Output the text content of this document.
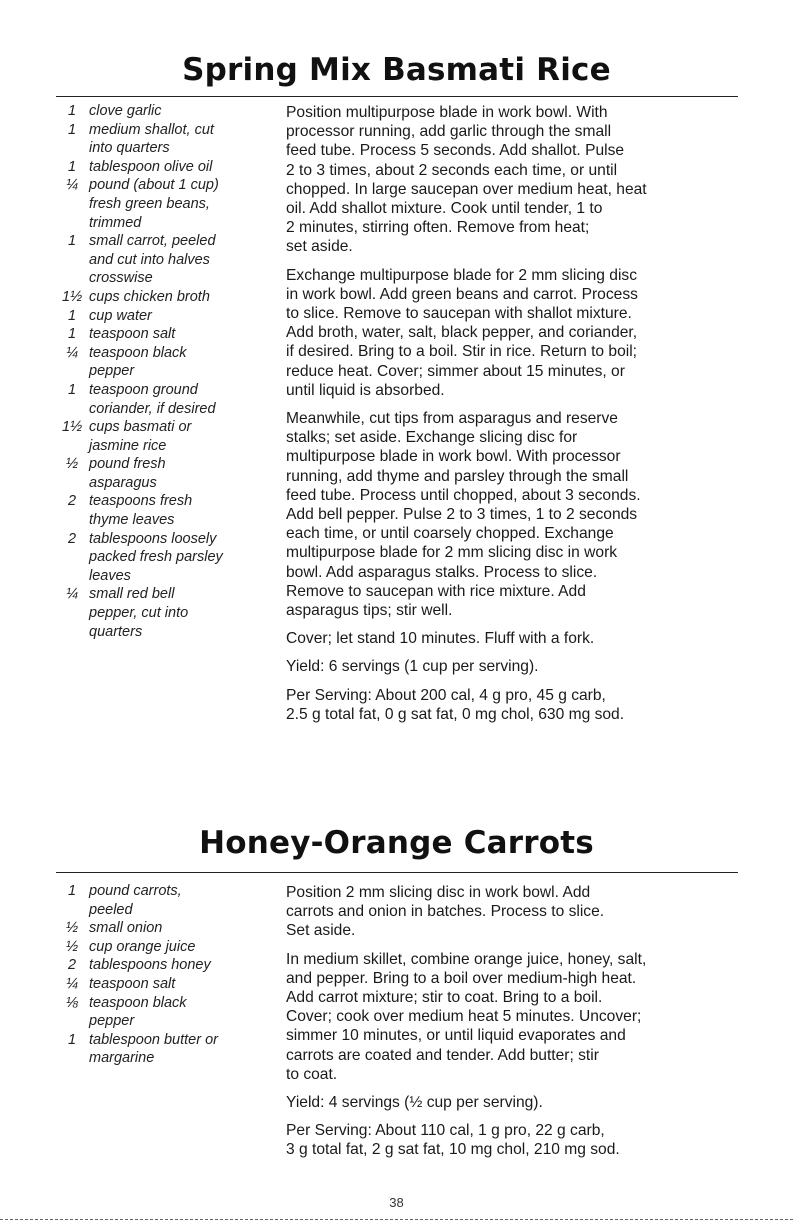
Spring Mix Basmati Rice
1 clove garlic
1 medium shallot, cut
into quarters
1 tablespoon olive oil
¼ pound (about 1 cup)
fresh green beans,
trimmed
1 small carrot, peeled
and cut into halves
crosswise
1½ cups chicken broth
1 cup water
1 teaspoon salt
¼ teaspoon black
pepper
1 teaspoon ground
coriander, if desired
1½ cups basmati or
jasmine rice
½ pound fresh
asparagus
2 teaspoons fresh
thyme leaves
2 tablespoons loosely
packed fresh parsley
leaves
¼ small red bell
pepper, cut into
quarters

Position multipurpose blade in work bowl. With
processor running, add garlic through the small
feed tube. Process 5 seconds. Add shallot. Pulse
2 to 3 times, about 2 seconds each time, or until
chopped. In large saucepan over medium heat, heat
oil. Add shallot mixture. Cook until tender, 1 to
2 minutes, stirring often. Remove from heat;
set aside.

Exchange multipurpose blade for 2 mm slicing disc
in work bowl. Add green beans and carrot. Process
to slice. Remove to saucepan with shallot mixture.
Add broth, water, salt, black pepper, and coriander,
if desired. Bring to a boil. Stir in rice. Return to boil;
reduce heat. Cover; simmer about 15 minutes, or
until liquid is absorbed.

Meanwhile, cut tips from asparagus and reserve
stalks; set aside. Exchange slicing disc for
multipurpose blade in work bowl. With processor
running, add thyme and parsley through the small
feed tube. Process until chopped, about 3 seconds.
Add bell pepper. Pulse 2 to 3 times, 1 to 2 seconds
each time, or until coarsely chopped. Exchange
multipurpose blade for 2 mm slicing disc in work
bowl. Add asparagus stalks. Process to slice.
Remove to saucepan with rice mixture. Add
asparagus tips; stir well.

Cover; let stand 10 minutes. Fluff with a fork.

Yield: 6 servings (1 cup per serving).

Per Serving: About 200 cal, 4 g pro, 45 g carb,
2.5 g total fat, 0 g sat fat, 0 mg chol, 630 mg sod.

Honey-Orange Carrots
1 pound carrots,
peeled
½ small onion
½ cup orange juice
2 tablespoons honey
¼ teaspoon salt
⅛ teaspoon black
pepper
1 tablespoon butter or
margarine

Position 2 mm slicing disc in work bowl. Add
carrots and onion in batches. Process to slice.
Set aside.

In medium skillet, combine orange juice, honey, salt,
and pepper. Bring to a boil over medium-high heat.
Add carrot mixture; stir to coat. Bring to a boil.
Cover; cook over medium heat 5 minutes. Uncover;
simmer 10 minutes, or until liquid evaporates and
carrots are coated and tender. Add butter; stir
to coat.

Yield: 4 servings (½ cup per serving).

Per Serving: About 110 cal, 1 g pro, 22 g carb,
3 g total fat, 2 g sat fat, 10 mg chol, 210 mg sod.

38
